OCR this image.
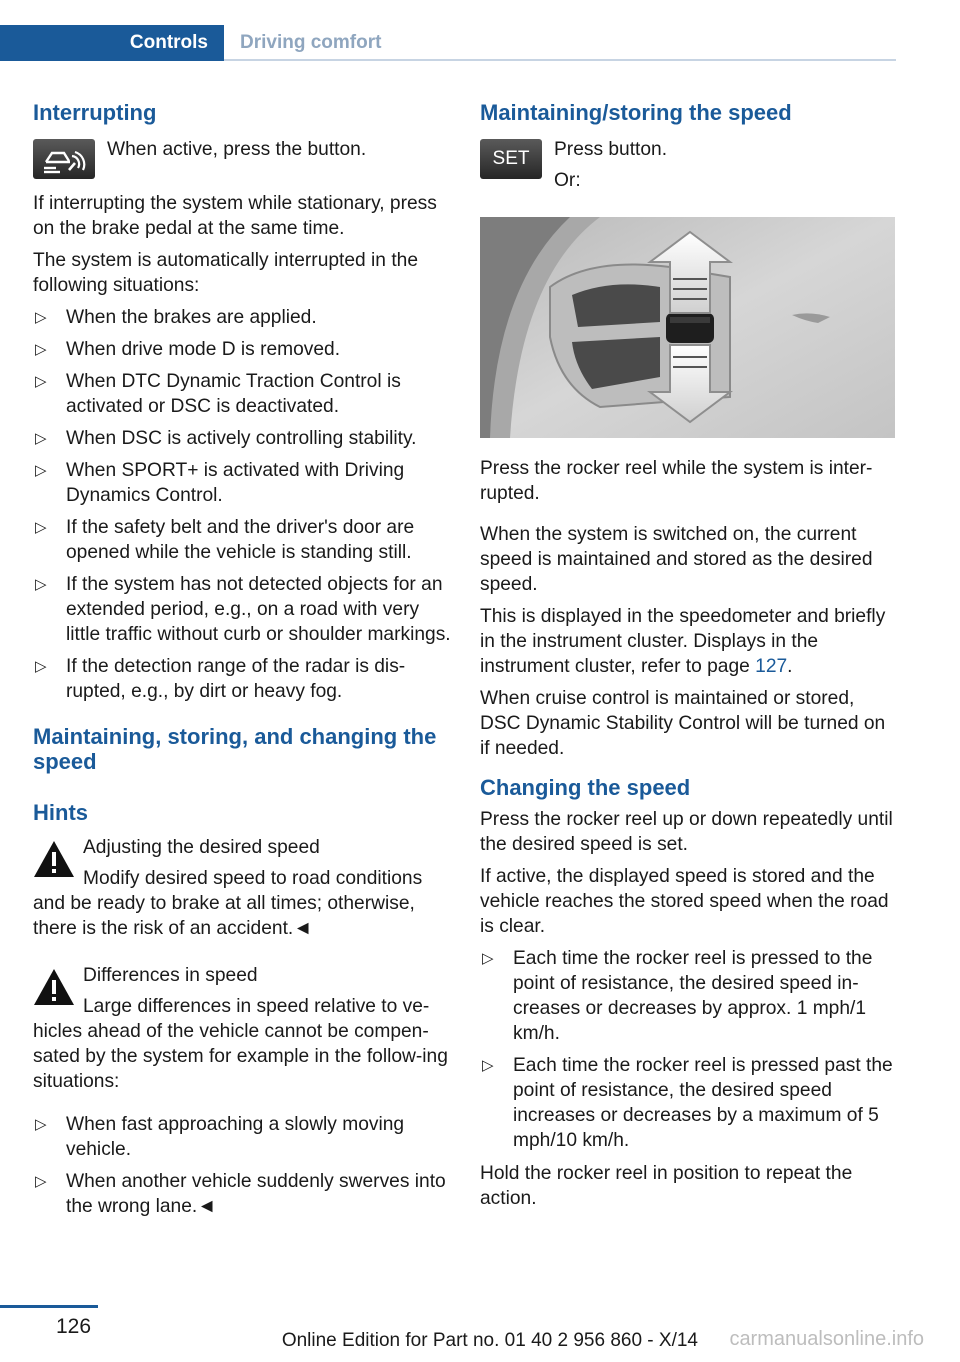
Controls Driving comfort
Interrupting

When active, press the button.

If interrupting the system while stationary, press on the brake pedal at the same time.

The system is automatically interrupted in the following situations:

▷ When the brakes are applied.
▷ When drive mode D is removed.
▷ When DTC Dynamic Traction Control is activated or DSC is deactivated.
▷ When DSC is actively controlling stability.
▷ When SPORT+ is activated with Driving Dynamics Control.
▷ If the safety belt and the driver's door are opened while the vehicle is standing still.
▷ If the system has not detected objects for an extended period, e.g., on a road with very little traffic without curb or shoulder markings.
▷ If the detection range of the radar is dis‐rupted, e.g., by dirt or heavy fog.
Maintaining, storing, and changing the speed
Hints

Adjusting the desired speed

Modify desired speed to road conditions and be ready to brake at all times; otherwise, there is the risk of an accident.◄

Differences in speed

Large differences in speed relative to ve‐hicles ahead of the vehicle cannot be compen‐sated by the system for example in the follow‐ing situations:

▷ When fast approaching a slowly moving vehicle.
▷ When another vehicle suddenly swerves into the wrong lane.◄
Maintaining/storing the speed
SET Press button.

Or:

Press the rocker reel while the system is inter‐rupted.

When the system is switched on, the current speed is maintained and stored as the desired speed.

This is displayed in the speedometer and briefly in the instrument cluster. Displays in the instrument cluster, refer to page 127.

When cruise control is maintained or stored, DSC Dynamic Stability Control will be turned on if needed.

Changing the speed

Press the rocker reel up or down repeatedly until the desired speed is set.

If active, the displayed speed is stored and the vehicle reaches the stored speed when the road is clear.

▷ Each time the rocker reel is pressed to the point of resistance, the desired speed in‐creases or decreases by approx. 1 mph/1 km/h.
▷ Each time the rocker reel is pressed past the point of resistance, the desired speed increases or decreases by a maximum of 5 mph/10 km/h.

Hold the rocker reel in position to repeat the action.

126
Online Edition for Part no. 01 40 2 956 860 - X/14 carmanualsonline.info
